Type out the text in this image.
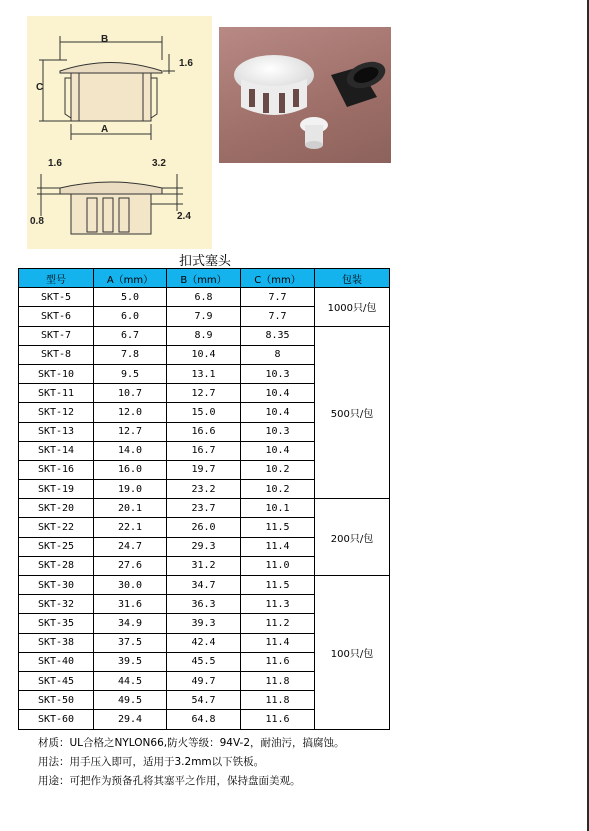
B
C
A
1.6
1.6	3.2
0.8	2.4
扣式塞头
型号	A（mm）	B（mm）	C（mm）	包装
SKT-5	5.0	6.8	7.7	1000只/包
SKT-6	6.0	7.9	7.7	
SKT-7	6.7	8.9	8.35	500只/包
SKT-8	7.8	10.4	8	
SKT-10	9.5	13.1	10.3	
SKT-11	10.7	12.7	10.4	
SKT-12	12.0	15.0	10.4	
SKT-13	12.7	16.6	10.3	
SKT-14	14.0	16.7	10.4	
SKT-16	16.0	19.7	10.2	
SKT-19	19.0	23.2	10.2	
SKT-20	20.1	23.7	10.1	200只/包
SKT-22	22.1	26.0	11.5	
SKT-25	24.7	29.3	11.4	
SKT-28	27.6	31.2	11.0	
SKT-30	30.0	34.7	11.5	100只/包
SKT-32	31.6	36.3	11.3	
SKT-35	34.9	39.3	11.2	
SKT-38	37.5	42.4	11.4	
SKT-40	39.5	45.5	11.6	
SKT-45	44.5	49.7	11.8	
SKT-50	49.5	54.7	11.8	
SKT-60	29.4	64.8	11.6	
材质：UL合格之NYLON66,防火等级：94V-2，耐油污，搞腐蚀。
用法：用手压入即可，适用于3.2mm以下铁板。
用途：可把作为预备孔将其塞平之作用，保持盘面美观。
